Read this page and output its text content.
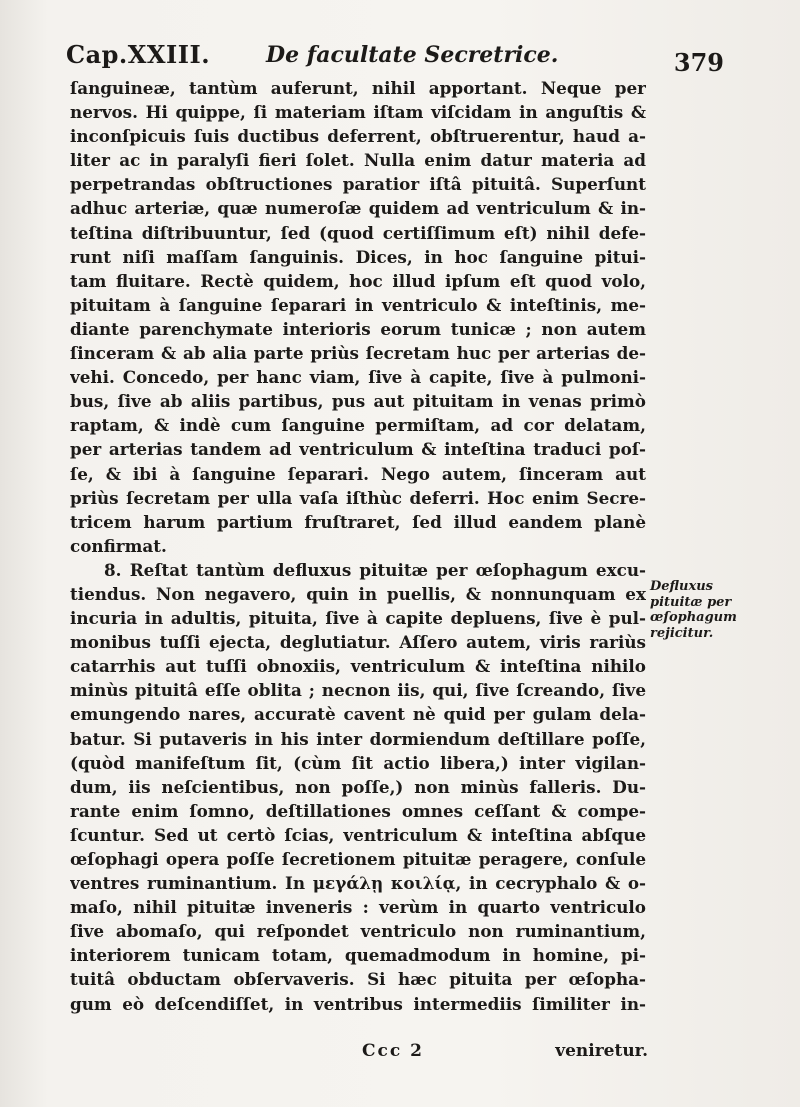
Cap.XXIII.	De facultate Secretrice.	379
ſanguineæ, tantùm auferunt, nihil apportant. Neque per
nervos. Hi quippe, ſi materiam iſtam viſcidam in anguſtis &
inconſpicuis ſuis ductibus deferrent, obſtruerentur, haud a-
liter ac in paralyſi fieri ſolet. Nulla enim datur materia ad
perpetrandas obſtructiones paratior iſtâ pituitâ. Superſunt
adhuc arteriæ, quæ numeroſæ quidem ad ventriculum & in-
teſtina diſtribuuntur, ſed (quod certiſſimum eſt) nihil defe-
runt niſi maſſam ſanguinis. Dices, in hoc ſanguine pitui-
tam fluitare. Rectè quidem, hoc illud ipſum eſt quod volo,
pituitam à ſanguine ſeparari in ventriculo & inteſtinis, me-
diante parenchymate interioris eorum tunicæ ; non autem
ſinceram & ab alia parte priùs ſecretam huc per arterias de-
vehi. Concedo, per hanc viam, ſive à capite, ſive à pulmoni-
bus, ſive ab aliis partibus, pus aut pituitam in venas primò
raptam, & indè cum ſanguine permiſtam, ad cor delatam,
per arterias tandem ad ventriculum & inteſtina traduci poſ-
ſe, & ibi à ſanguine ſeparari. Nego autem, ſinceram aut
priùs ſecretam per ulla vaſa iſthùc deferri. Hoc enim Secre-
tricem harum partium fruſtraret, ſed illud eandem planè
confirmat.
8. Reſtat tantùm defluxus pituitæ per œſophagum excu-
tiendus. Non negavero, quin in puellis, & nonnunquam ex
incuria in adultis, pituita, ſive à capite depluens, ſive è pul-
monibus tuſſi ejecta, deglutiatur. Aſſero autem, viris rariùs
catarrhis aut tuſſi obnoxiis, ventriculum & inteſtina nihilo
minùs pituitâ eſſe oblita ; necnon iis, qui, ſive ſcreando, ſive
emungendo nares, accuratè cavent nè quid per gulam dela-
batur. Si putaveris in his inter dormiendum deſtillare poſſe,
(quòd manifeſtum ſit, (cùm ſit actio libera,) inter vigilan-
dum, iis neſcientibus, non poſſe,) non minùs falleris. Du-
rante enim ſomno, deſtillationes omnes ceſſant & compe-
ſcuntur. Sed ut certò ſcias, ventriculum & inteſtina abſque
œſophagi opera poſſe ſecretionem pituitæ peragere, conſule
ventres ruminantium. In μεγάλῃ κοιλίᾳ, in cecryphalo & o-
maſo, nihil pituitæ inveneris : verùm in quarto ventriculo
ſive abomaſo, qui reſpondet ventriculo non ruminantium,
interiorem tunicam totam, quemadmodum in homine, pi-
tuitâ obductam obſervaveris. Si hæc pituita per œſopha-
gum eò deſcendiſſet, in ventribus intermediis ſimiliter in-
Defluxus
pituitæ per
œſophagum
rejicitur.
Ccc 2	veniretur.
